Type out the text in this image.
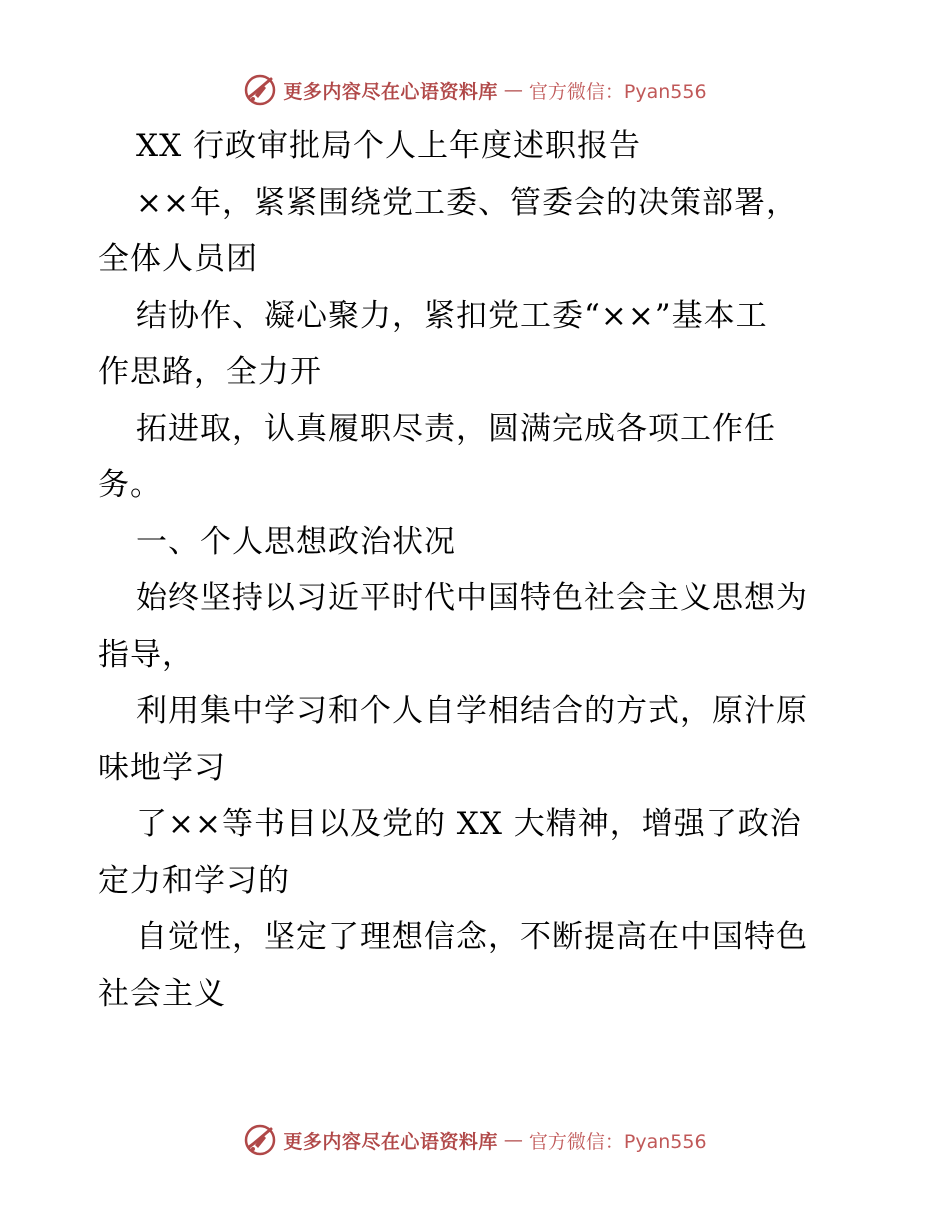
更多内容尽在心语资料库 — 官方微信：Pyan556
XX 行政审批局个人上年度述职报告
××年，紧紧围绕党工委、管委会的决策部署，
全体人员团
结协作、凝心聚力，紧扣党工委“××”基本工
作思路，全力开
拓进取，认真履职尽责，圆满完成各项工作任
务。
一、个人思想政治状况
始终坚持以习近平时代中国特色社会主义思想为
指导，
利用集中学习和个人自学相结合的方式，原汁原
味地学习
了××等书目以及党的 XX 大精神，增强了政治
定力和学习的
自觉性，坚定了理想信念，不断提高在中国特色
社会主义
更多内容尽在心语资料库 — 官方微信：Pyan556
